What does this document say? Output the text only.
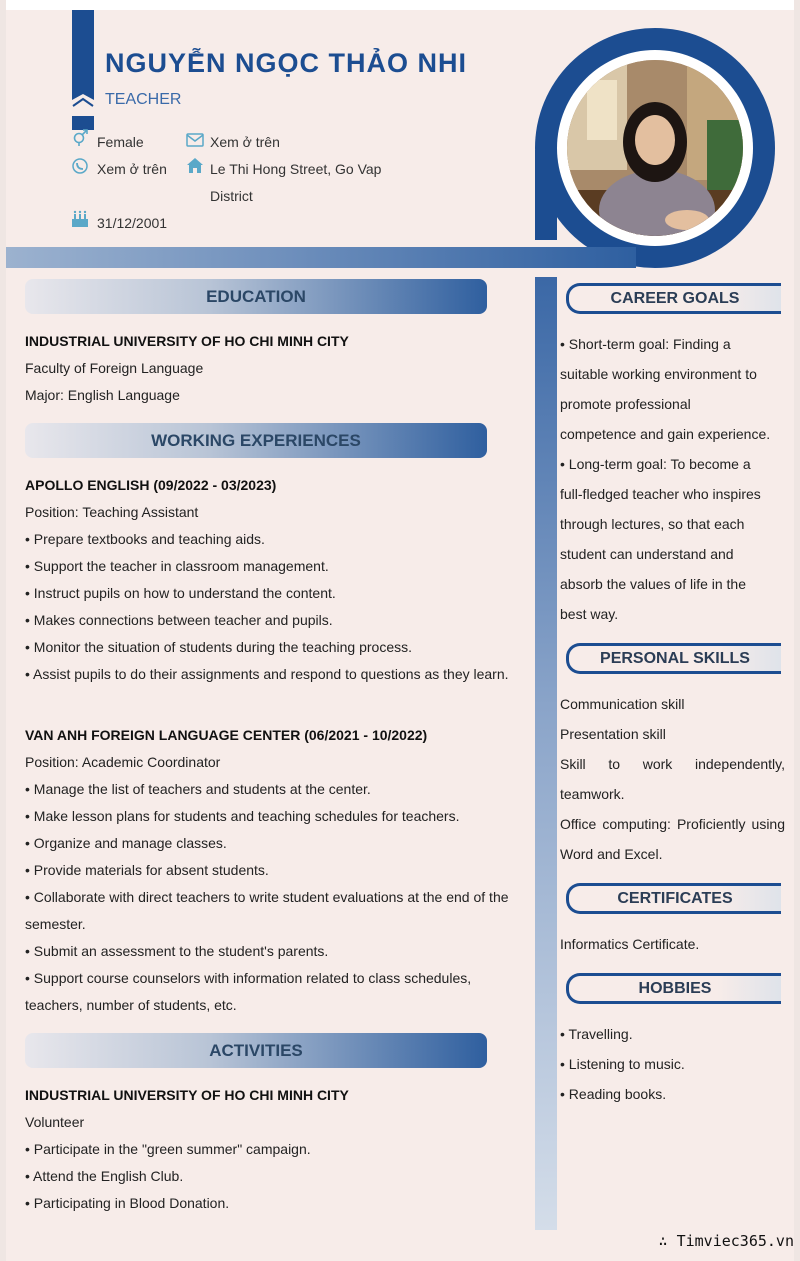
NGUYỄN NGỌC THẢO NHI
TEACHER
Female	Xem ở trên
Xem ở trên	Le Thi Hong Street, Go Vap
District
31/12/2001
EDUCATION
INDUSTRIAL UNIVERSITY OF HO CHI MINH CITY
Faculty of Foreign Language
Major: English Language
WORKING EXPERIENCES
APOLLO ENGLISH (09/2022 - 03/2023)
Position: Teaching Assistant
• Prepare textbooks and teaching aids.
• Support the teacher in classroom management.
• Instruct pupils on how to understand the content.
• Makes connections between teacher and pupils.
• Monitor the situation of students during the teaching process.
• Assist pupils to do their assignments and respond to questions as they learn.
VAN ANH FOREIGN LANGUAGE CENTER (06/2021 - 10/2022)
Position: Academic Coordinator
• Manage the list of teachers and students at the center.
• Make lesson plans for students and teaching schedules for teachers.
• Organize and manage classes.
• Provide materials for absent students.
• Collaborate with direct teachers to write student evaluations at the end of the semester.
• Submit an assessment to the student's parents.
• Support course counselors with information related to class schedules, teachers, number of students, etc.
ACTIVITIES
INDUSTRIAL UNIVERSITY OF HO CHI MINH CITY
Volunteer
• Participate in the "green summer" campaign.
• Attend the English Club.
• Participating in Blood Donation.
CAREER GOALS
• Short-term goal: Finding a
suitable working environment to
promote professional
competence and gain experience.
• Long-term goal: To become a
full-fledged teacher who inspires
through lectures, so that each
student can understand and
absorb the values of life in the
best way.
PERSONAL SKILLS
Communication skill
Presentation skill
Skill to work independently, teamwork.
Office computing: Proficiently using Word and Excel.
CERTIFICATES
Informatics Certificate.
HOBBIES
• Travelling.
• Listening to music.
• Reading books.
∴ Timviec365.vn
